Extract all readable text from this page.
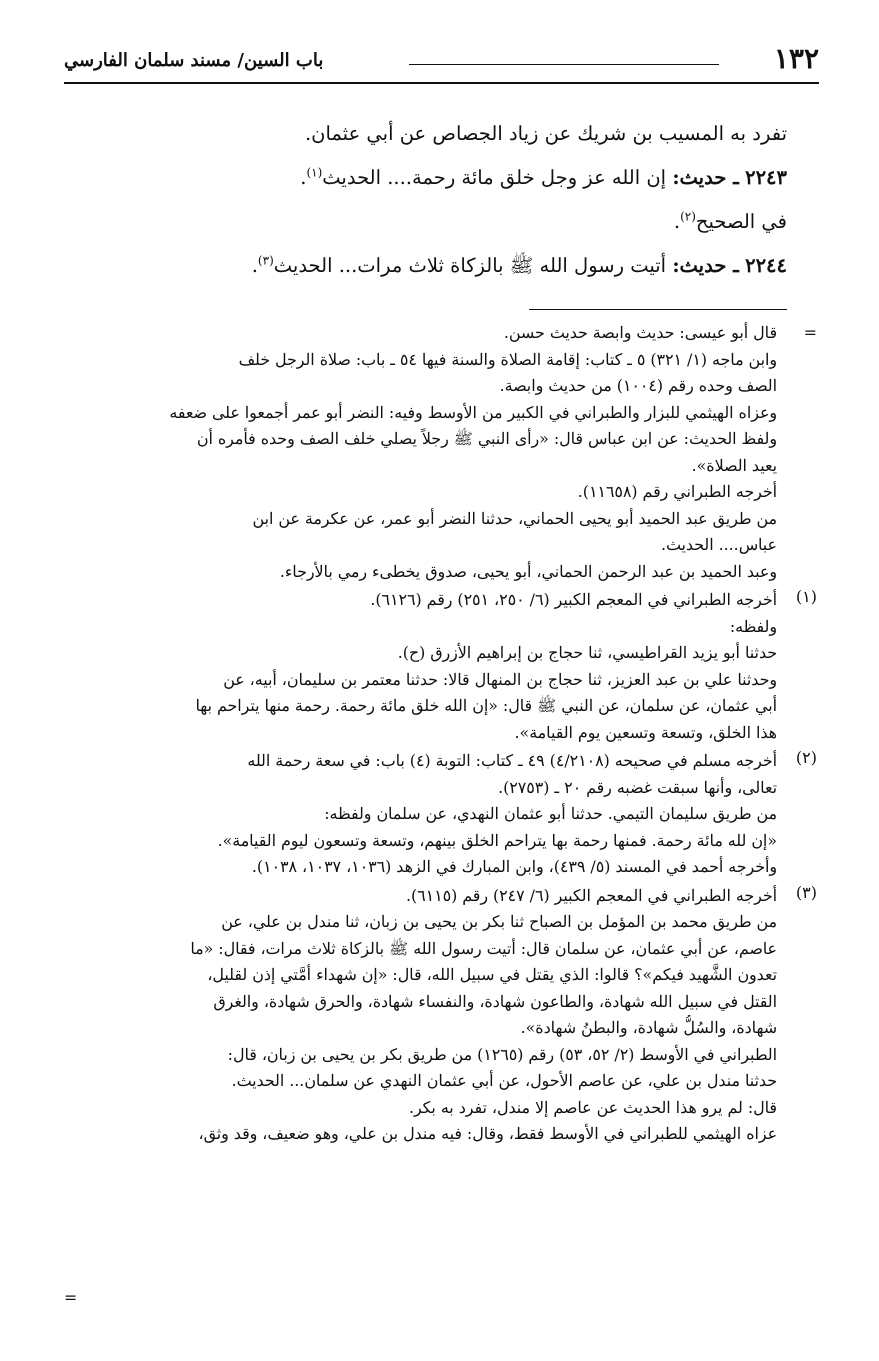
١٣٢
باب السين/ مسند سلمان الفارسي

تفرد به المسيب بن شريك عن زياد الجصاص عن أبي عثمان.

٢٢٤٣ ـ حديث: إن الله عز وجل خلق مائة رحمة.... الحديث$^{(١)}$.

في الصحيح$^{(٢)}$.

٢٢٤٤ ـ حديث: أتيت رسول الله ﷺ بالزكاة ثلاث مرات... الحديث$^{(٣)}$.

=

قال أبو عيسى: حديث وابصة حديث حسن.
وابن ماجه (١/ ٣٢١) ٥ ـ كتاب: إقامة الصلاة والسنة فيها ٥٤ ـ باب: صلاة الرجل خلف
الصف وحده رقم (١٠٠٤) من حديث وابصة.
وعزاه الهيثمي للبزار والطبراني في الكبير من الأوسط وفيه: النضر أبو عمر أجمعوا على ضعفه
ولفظ الحديث: عن ابن عباس قال: «رأى النبي ﷺ رجلاً يصلي خلف الصف وحده فأمره أن
يعيد الصلاة».
أخرجه الطبراني رقم (١١٦٥٨).
من طريق عبد الحميد أبو يحيى الحماني، حدثنا النضر أبو عمر، عن عكرمة عن ابن
عباس.... الحديث.
وعبد الحميد بن عبد الرحمن الحماني، أبو يحيى، صدوق يخطىء رمي بالأرجاء.

(١)

أخرجه الطبراني في المعجم الكبير (٦/ ٢٥٠، ٢٥١) رقم (٦١٢٦).
ولفظه:
حدثنا أبو يزيد القراطيسي، ثنا حجاج بن إبراهيم الأزرق (ح).
وحدثنا علي بن عبد العزيز، ثنا حجاج بن المنهال قالا: حدثنا معتمر بن سليمان، أبيه، عن
أبي عثمان، عن سلمان، عن النبي ﷺ قال: «إن الله خلق مائة رحمة. رحمة منها يتراحم بها
هذا الخلق، وتسعة وتسعين يوم القيامة».

(٢)

أخرجه مسلم في صحيحه (٤/٢١٠٨) ٤٩ ـ كتاب: التوبة (٤) باب: في سعة رحمة الله
تعالى، وأنها سبقت غضبه رقم ٢٠ ـ (٢٧٥٣).
من طريق سليمان التيمي. حدثنا أبو عثمان النهدي، عن سلمان ولفظه:
«إن لله مائة رحمة. فمنها رحمة بها يتراحم الخلق بينهم، وتسعة وتسعون ليوم القيامة».
وأخرجه أحمد في المسند (٥/ ٤٣٩)، وابن المبارك في الزهد (١٠٣٦، ١٠٣٧، ١٠٣٨).

(٣)

أخرجه الطبراني في المعجم الكبير (٦/ ٢٤٧) رقم (٦١١٥).
من طريق محمد بن المؤمل بن الصباح ثنا بكر بن يحيى بن زبان، ثنا مندل بن علي، عن
عاصم، عن أبي عثمان، عن سلمان قال: أتيت رسول الله ﷺ بالزكاة ثلاث مرات، فقال: «ما
تعدون الشَّهيد فيكم»؟ قالوا: الذي يقتل في سبيل الله، قال: «إن شهداء أمَّتي إذن لقليل،
القتل في سبيل الله شهادة، والطاعون شهادة، والنفساء شهادة، والحرق شهادة، والغرق
شهادة، والسُلُّ شهادة، والبطنُ شهادة».
الطبراني في الأوسط (٢/ ٥٢، ٥٣) رقم (١٢٦٥) من طريق بكر بن يحيى بن زبان، قال:
حدثنا مندل بن علي، عن عاصم الأحول، عن أبي عثمان النهدي عن سلمان... الحديث.
قال: لم يرو هذا الحديث عن عاصم إلا مندل، تفرد به بكر.
عزاه الهيثمي للطبراني في الأوسط فقط، وقال: فيه مندل بن علي، وهو ضعيف، وقد وثق،

=
